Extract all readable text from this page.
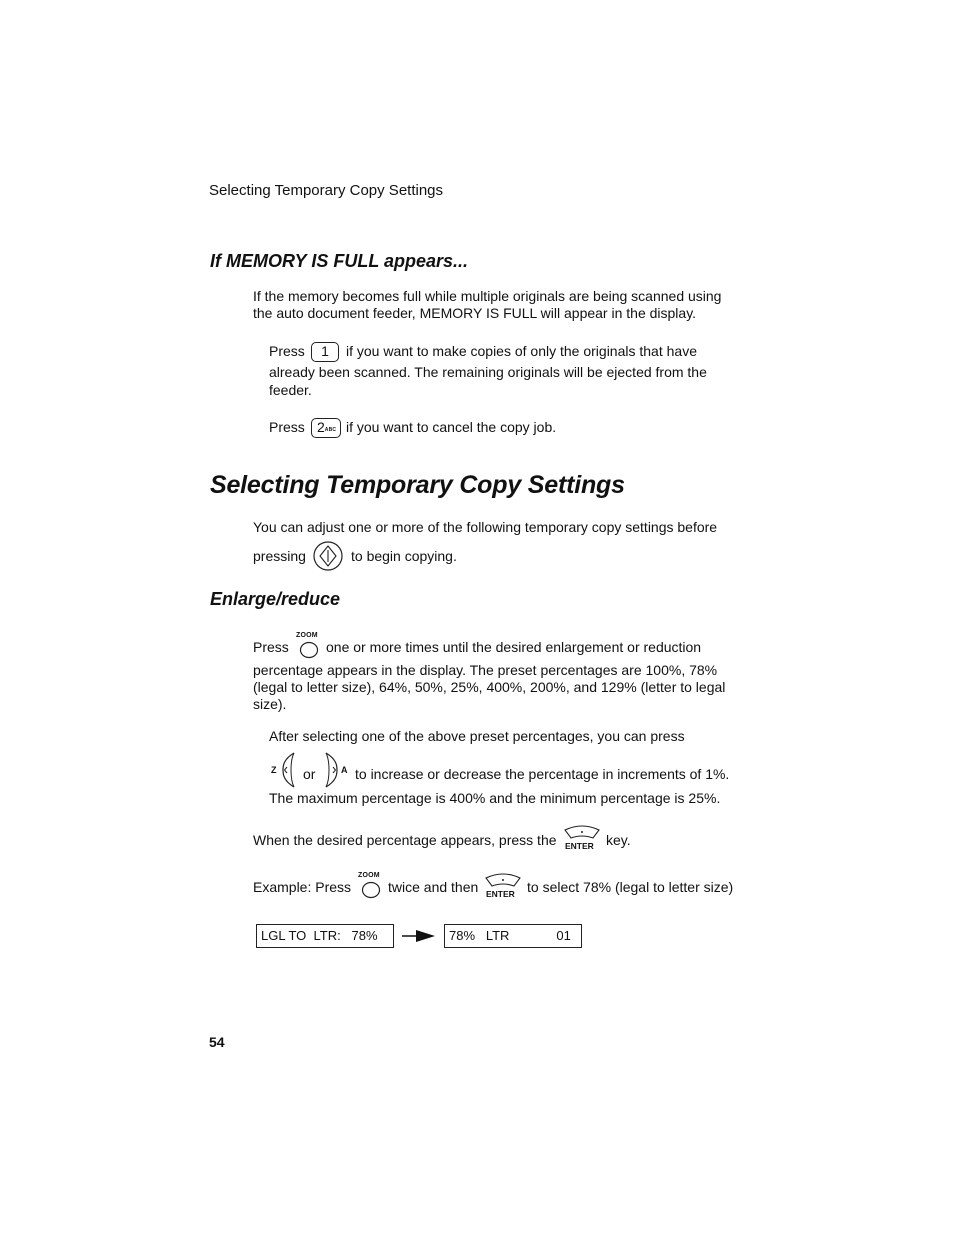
Selecting Temporary Copy Settings
If MEMORY IS FULL appears...
If the memory becomes full while multiple originals are being scanned using
the auto document feeder, MEMORY IS FULL will appear in the display.
Press	1	if you want to make copies of only the originals that have
already been scanned. The remaining originals will be ejected from the
feeder.
Press 2ABC if you want to cancel the copy job.
Selecting Temporary Copy Settings
You can adjust one or more of the following temporary copy settings before
pressing	to begin copying.
Enlarge/reduce
Press
ZOOM
one or more times until the desired enlargement or reduction
percentage appears in the display. The preset percentages are 100%, 78%
(legal to letter size), 64%, 50%, 25%, 400%, 200%, and 129% (letter to legal
size).
After selecting one of the above preset percentages, you can press
Z or	A to increase or decrease the percentage in increments of 1%.
The maximum percentage is 400% and the minimum percentage is 25%.
When the desired percentage appears, press the ENTER key.
Example: Press
ZOOM
twice and then ENTER to select 78% (legal to letter size)
LGL TO  LTR:   78%	78%   LTR             01
54
